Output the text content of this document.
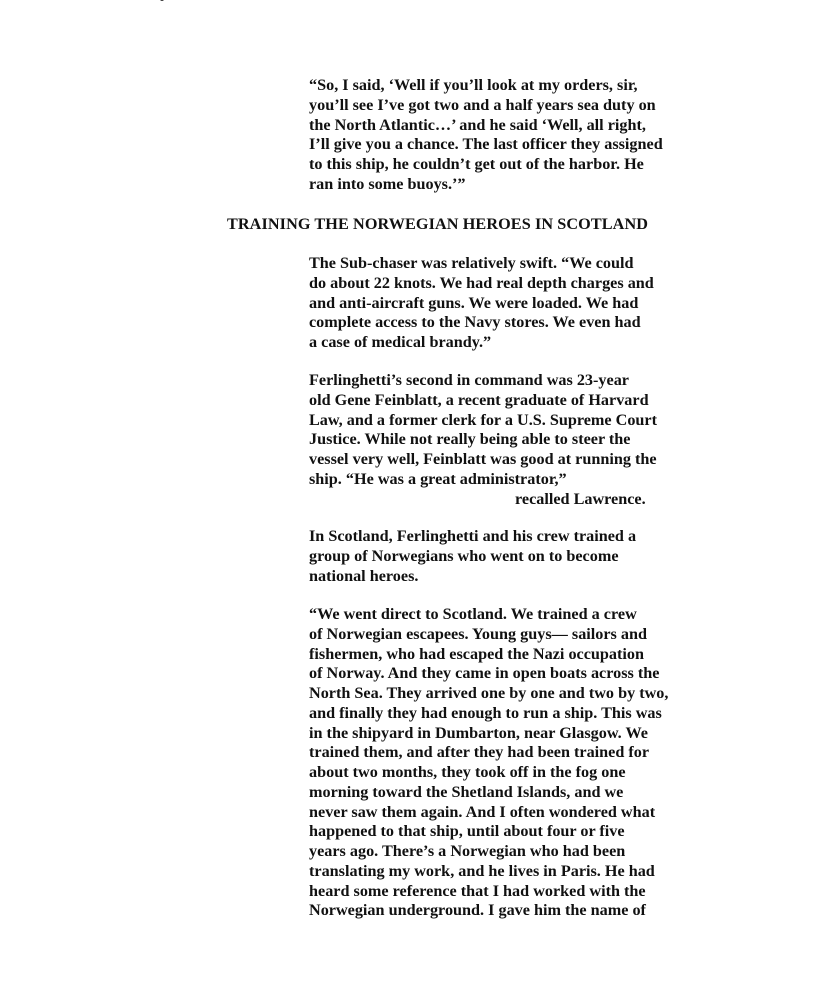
“So, I said, ‘Well if you’ll look at my orders, sir,
you’ll see I’ve got two and a half years sea duty on
the North Atlantic…’ and he said ‘Well, all right,
I’ll give you a chance. The last officer they assigned
to this ship, he couldn’t get out of the harbor. He
ran into some buoys.’”
TRAINING THE NORWEGIAN HEROES IN SCOTLAND
The Sub-chaser was relatively swift. “We could
do about 22 knots. We had real depth charges and
and anti-aircraft guns. We were loaded. We had
complete access to the Navy stores. We even had
a case of medical brandy.”
Ferlinghetti’s second in command was 23-year
old Gene Feinblatt, a recent graduate of Harvard
Law, and a former clerk for a U.S. Supreme Court
Justice. While not really being able to steer the
vessel very well, Feinblatt was good at running the
ship. “He was a great administrator,”
recalled Lawrence.
In Scotland, Ferlinghetti and his crew trained a
group of Norwegians who went on to become
national heroes.
“We went direct to Scotland. We trained a crew
of Norwegian escapees. Young guys— sailors and
fishermen, who had escaped the Nazi occupation
of Norway. And they came in open boats across the
North Sea. They arrived one by one and two by two,
and finally they had enough to run a ship. This was
in the shipyard in Dumbarton, near Glasgow. We
trained them, and after they had been trained for
about two months, they took off in the fog one
morning toward the Shetland Islands, and we
never saw them again. And I often wondered what
happened to that ship, until about four or five
years ago. There’s a Norwegian who had been
translating my work, and he lives in Paris. He had
heard some reference that I had worked with the
Norwegian underground. I gave him the name of
